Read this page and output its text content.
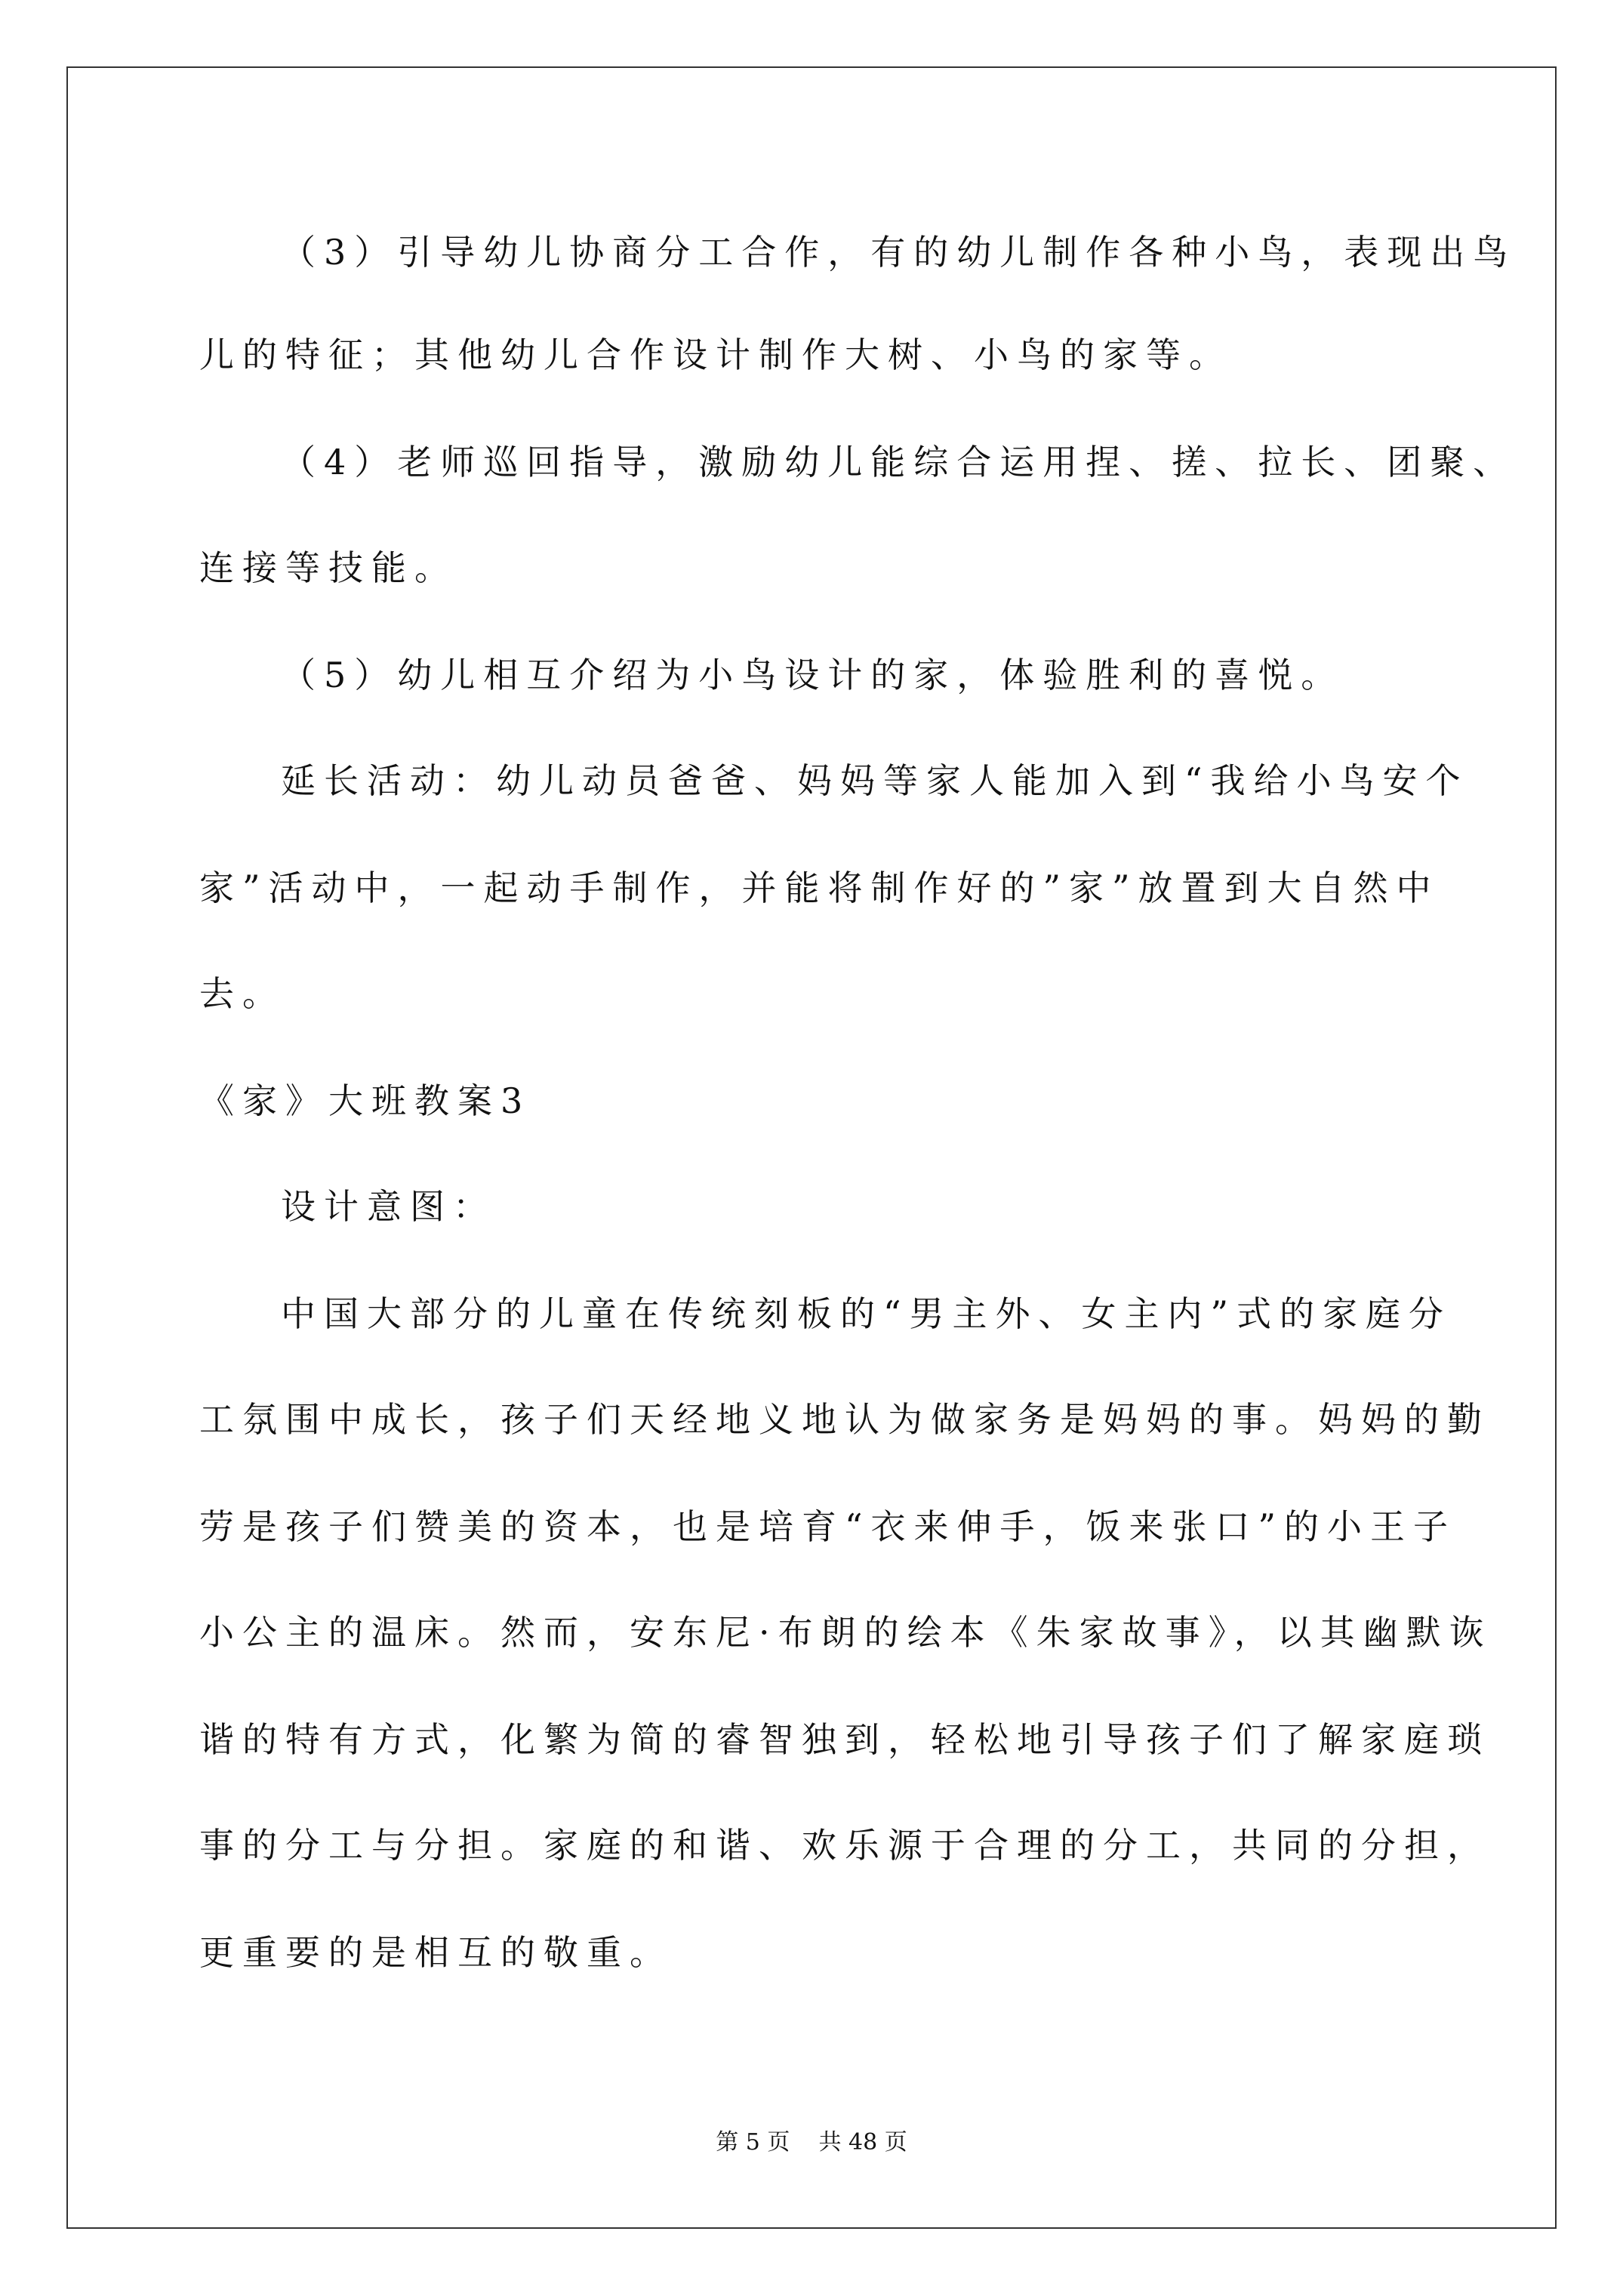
（3）引导幼儿协商分工合作，有的幼儿制作各种小鸟，表现出鸟
儿的特征；其他幼儿合作设计制作大树、小鸟的家等。
（4）老师巡回指导，激励幼儿能综合运用捏、搓、拉长、团聚、
连接等技能。
（5）幼儿相互介绍为小鸟设计的家，体验胜利的喜悦。
延长活动：幼儿动员爸爸、妈妈等家人能加入到“我给小鸟安个
家”活动中，一起动手制作，并能将制作好的”家”放置到大自然中
去。
《家》大班教案3
设计意图：
中国大部分的儿童在传统刻板的“男主外、女主内”式的家庭分
工氛围中成长，孩子们天经地义地认为做家务是妈妈的事。妈妈的勤
劳是孩子们赞美的资本，也是培育“衣来伸手，饭来张口”的小王子
小公主的温床。然而，安东尼·布朗的绘本《朱家故事》，以其幽默诙
谐的特有方式，化繁为简的睿智独到，轻松地引导孩子们了解家庭琐
事的分工与分担。家庭的和谐、欢乐源于合理的分工，共同的分担，
更重要的是相互的敬重。
第 5 页    共 48 页
